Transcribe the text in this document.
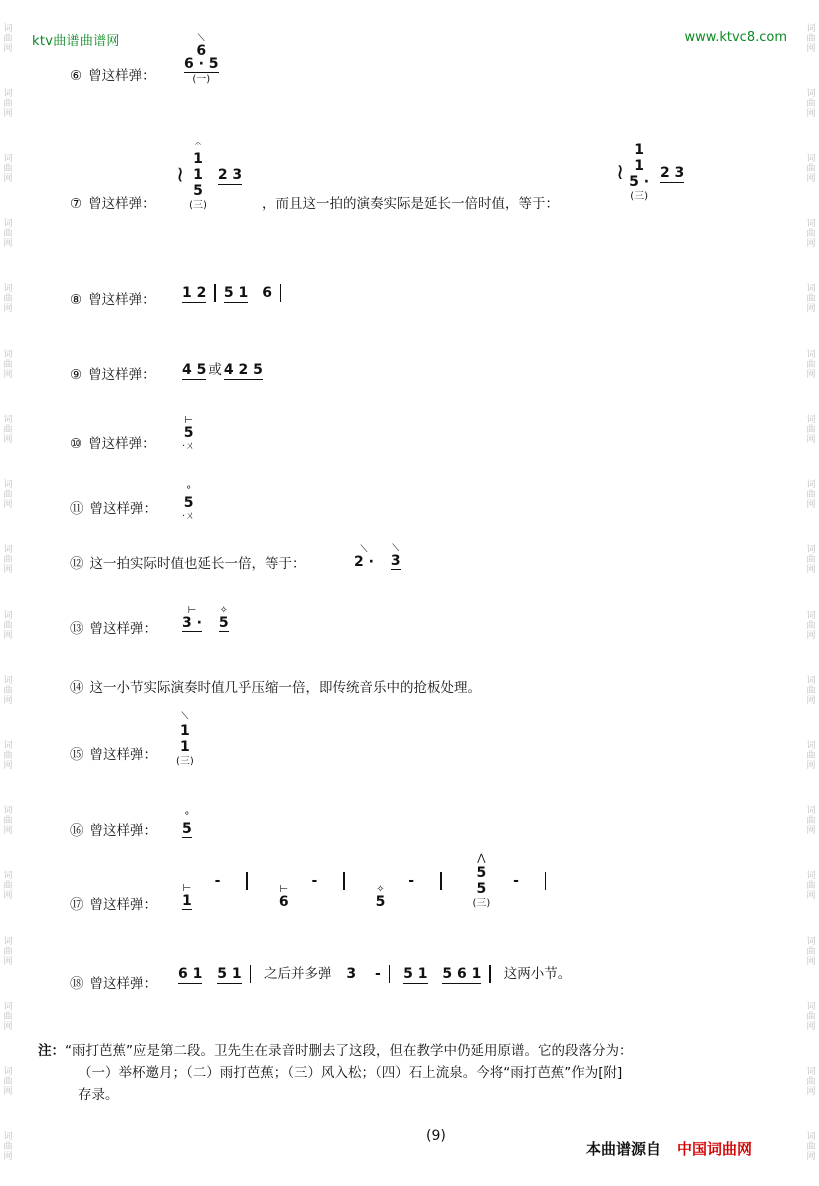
词曲网
词曲网
词曲网
词曲网
词曲网
词曲网
词曲网
词曲网
词曲网
词曲网
词曲网
词曲网
词曲网
词曲网
词曲网
词曲网
词曲网
词曲网
词曲网
词曲网
词曲网
词曲网
词曲网
词曲网
词曲网
词曲网
词曲网
词曲网
词曲网
词曲网
词曲网
词曲网
词曲网
词曲网
词曲网
词曲网
ktv曲谱曲谱网	www.ktvc8.com
⑥ 曾这样弹：
⟍
6
6 · 5
(一)
⑦ 曾这样弹：
≀
𝄐
1
1
5
(三)
2 3
，而且这一拍的演奏实际是延长一倍时值，等于：
≀
1
1
5 ·
(三)
2 3
⑧ 曾这样弹： 1 2 5 1 6
⑨ 曾这样弹： 4 5 或 4 2 5
⑩ 曾这样弹：
⊢
5
·ㄨ
⑪ 曾这样弹：
°
5
·ㄨ
⑫ 这一拍实际时值也延长一倍，等于：
⟍
2 ·

⟍
3
⑬ 曾这样弹：
⊢
3 ·

✧
5
⑭ 这一小节实际演奏时值几乎压缩一倍，即传统音乐中的抢板处理。
⑮ 曾这样弹：
⟍
1
1
(三)
⑯ 曾这样弹：
°
5
⑰ 曾这样弹：
⊢
1
-
⊢
6
-
✧
5
-
⋀
5
5
(三)
-
⑱ 曾这样弹：
6 1 5 1 之后并多弹 3 - 5 1 5 6 1 这两小节。
注：“雨打芭蕉”应是第二段。卫先生在录音时删去了这段，但在教学中仍延用原谱。它的段落分为：
（一）举杯邀月；（二）雨打芭蕉；（三）风入松；（四）石上流泉。今将“雨打芭蕉”作为[附]
存录。
(9)
本曲谱源自 中国词曲网
